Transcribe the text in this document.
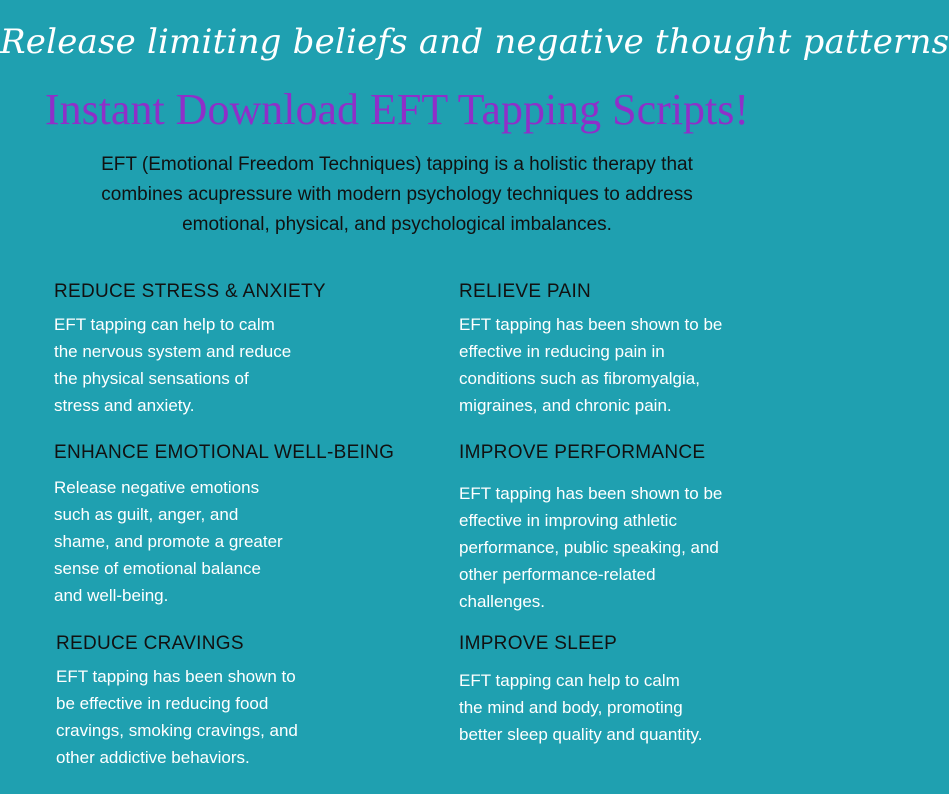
Release limiting beliefs and negative thought patterns
Instant Download EFT Tapping Scripts!
EFT (Emotional Freedom Techniques) tapping is a holistic therapy that combines acupressure with modern psychology techniques to address emotional, physical, and psychological imbalances.
REDUCE STRESS & ANXIETY
EFT tapping can help to calm
the nervous system and reduce
the physical sensations of
stress and anxiety.
RELIEVE PAIN
EFT tapping has been shown to be
effective in reducing pain in
conditions such as fibromyalgia,
migraines, and chronic pain.
ENHANCE EMOTIONAL WELL-BEING
Release negative emotions
such as guilt, anger, and
shame, and promote a greater
sense of emotional balance
and well-being.
IMPROVE PERFORMANCE
EFT tapping has been shown to be
effective in improving athletic
performance, public speaking, and
other performance-related
challenges.
REDUCE CRAVINGS
EFT tapping has been shown to
be effective in reducing food
cravings, smoking cravings, and
other addictive behaviors.
IMPROVE SLEEP
EFT tapping can help to calm
the mind and body, promoting
better sleep quality and quantity.
